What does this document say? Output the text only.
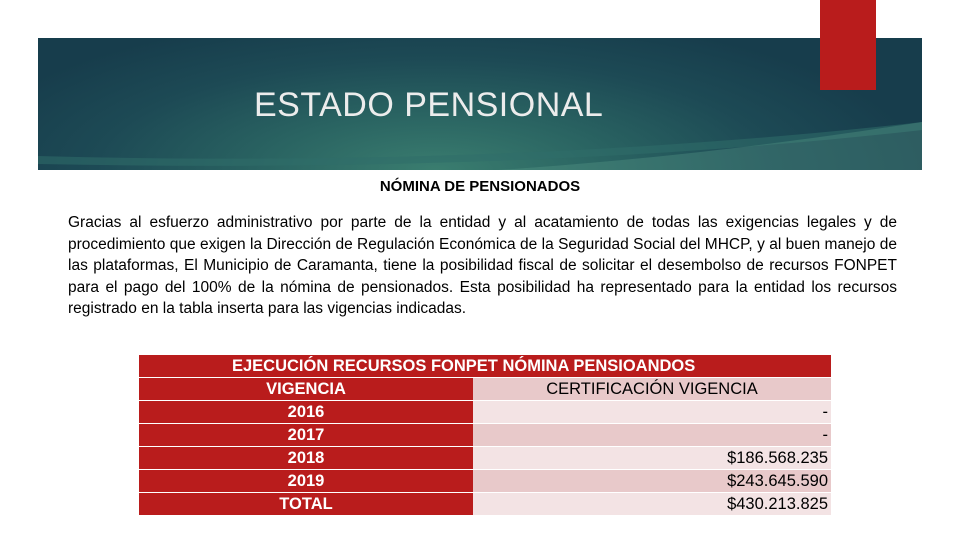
ESTADO PENSIONAL
NÓMINA DE PENSIONADOS

Gracias al esfuerzo administrativo por parte de la entidad y al acatamiento de todas las exigencias legales y de procedimiento que exigen la Dirección de Regulación Económica de la Seguridad Social del MHCP, y al buen manejo de las plataformas, El Municipio de Caramanta, tiene la posibilidad fiscal de solicitar el desembolso de recursos FONPET para el pago del 100% de la nómina de pensionados. Esta posibilidad ha representado para la entidad los recursos registrado en la tabla inserta para las vigencias indicadas.

EJECUCIÓN RECURSOS FONPET NÓMINA PENSIOANDOS	
VIGENCIA	CERTIFICACIÓN VIGENCIA
2016	-
2017	-
2018	$186.568.235
2019	$243.645.590
TOTAL	$430.213.825
